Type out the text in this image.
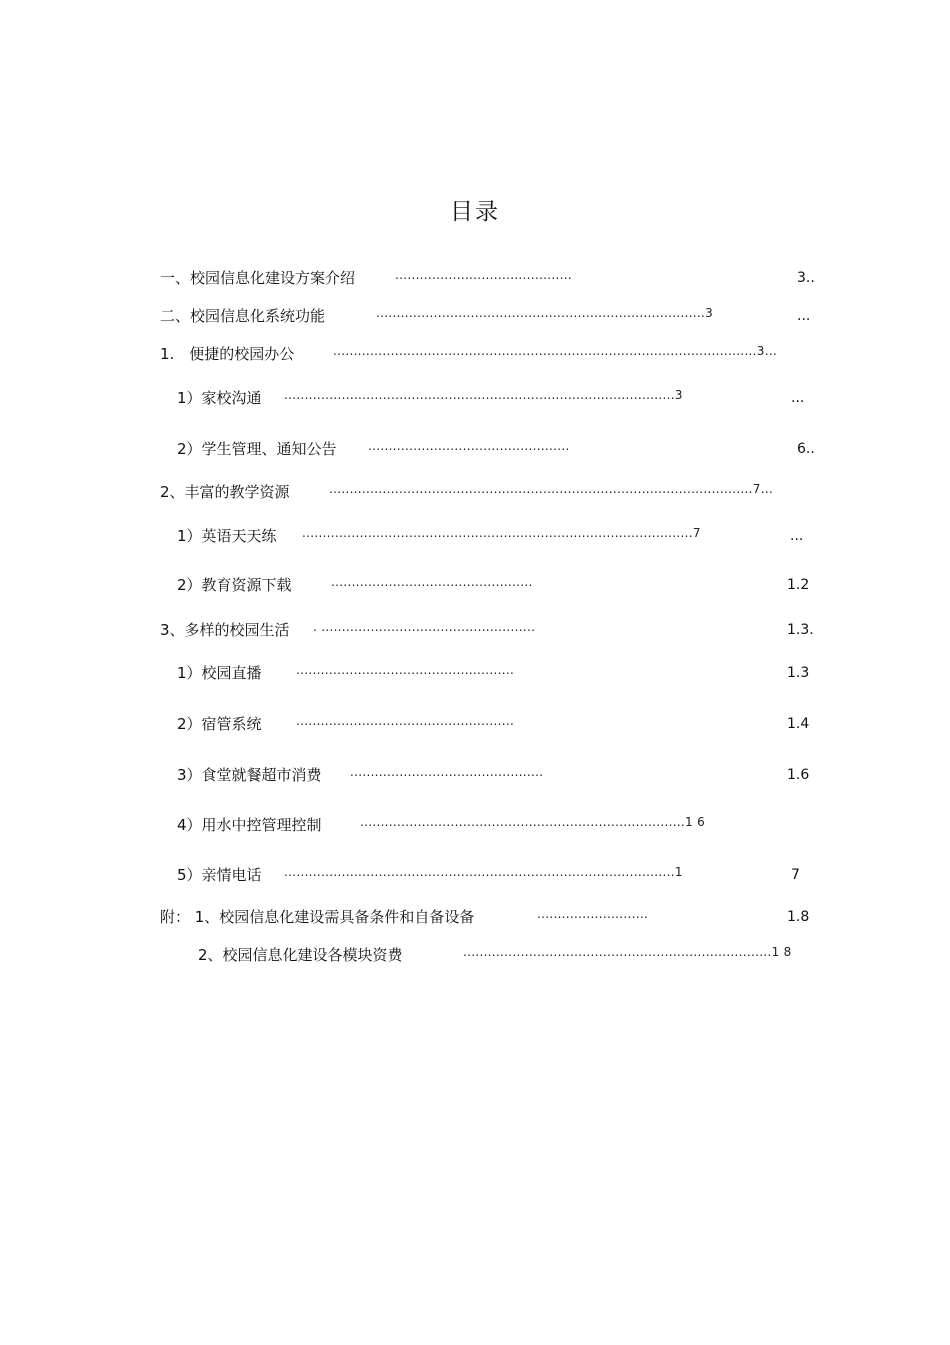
目录
一、校园信息化建设方案介绍	...........................................	3..
二、校园信息化系统功能	................................................................................3	...
1.　便捷的校园办公	.......................................................................................................3...
1）家校沟通 ...............................................................................................3	...
2）学生管理、通知公告	.................................................	6..
2、丰富的教学资源	.......................................................................................................7...
1）英语天天练 ...............................................................................................7	...
2）教育资源下载	.................................................	1.2
3、多样的校园生活 . ....................................................	1.3.
1）校园直播	.....................................................	1.3
2）宿管系统	.....................................................	1.4
3）食堂就餐超市消费 ...............................................	1.6
4）用水中控管理控制	...............................................................................1 6
5）亲情电话 ...............................................................................................1	7
附： 1、校园信息化建设需具备条件和自备设备	...........................	1.8
2、校园信息化建设各模块资费	...........................................................................1 8
